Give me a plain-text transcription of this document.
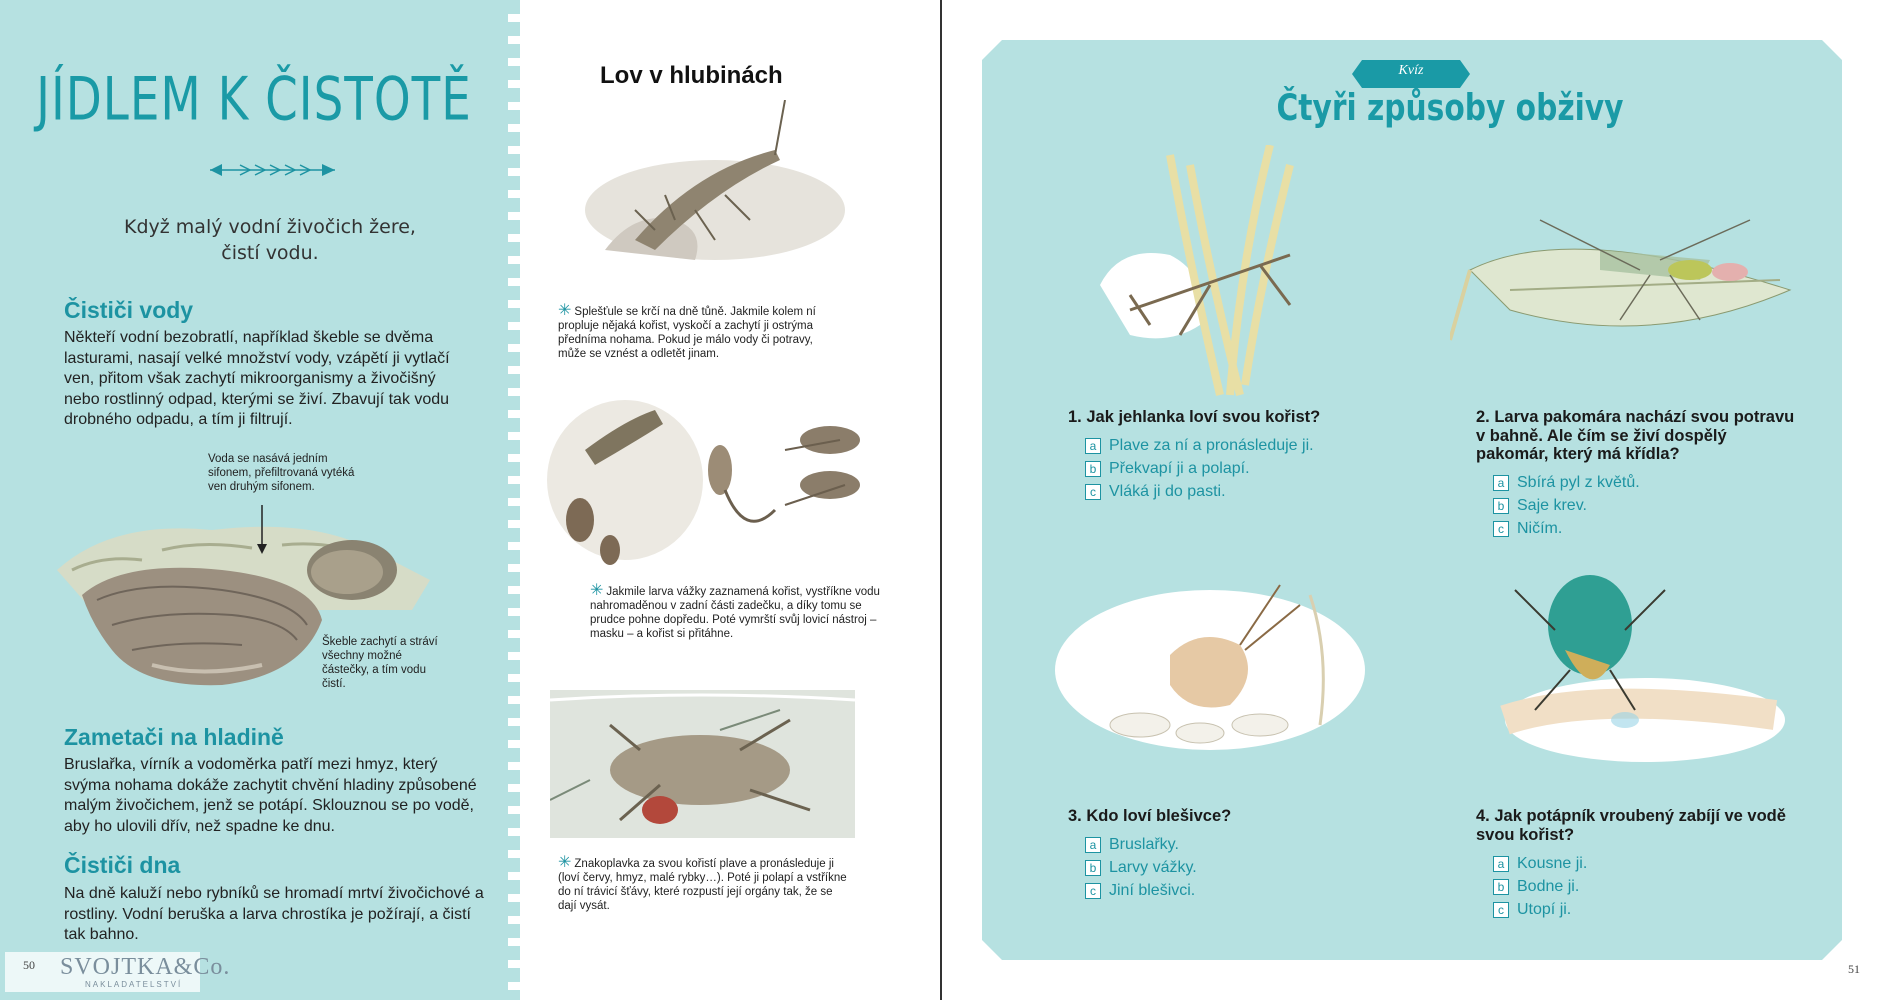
JÍDLEM K ČISTOTĚ
Když malý vodní živočich žere, čistí vodu.
Čističi vody
Někteří vodní bezobratlí, například škeble se dvěma lasturami, nasají velké množství vody, vzápětí ji vytlačí ven, přitom však zachytí mikroorganismy a živočišný nebo rostlinný odpad, kterými se živí. Zbavují tak vodu drobného odpadu, a tím ji filtrují.
Voda se nasává jedním sifonem, přefiltrovaná vytéká ven druhým sifonem.
Škeble zachytí a stráví všechny možné částečky, a tím vodu čistí.
Zametači na hladině
Bruslařka, vírník a vodoměrka patří mezi hmyz, který svýma nohama dokáže zachytit chvění hladiny způsobené malým živočichem, jenž se potápí. Sklouznou se po vodě, aby ho ulovili dřív, než spadne ke dnu.
Čističi dna
Na dně kaluží nebo rybníků se hromadí mrtví živočichové a rostliny. Vodní beruška a larva chrostíka je požírají, a čistí tak bahno.
50 SVOJTKA&Co.
NAKLADATELSTVÍ
Lov v hlubinách
✳ Splešťule se krčí na dně tůně. Jakmile kolem ní propluje nějaká kořist, vyskočí a zachytí ji ostrýma předníma nohama. Pokud je málo vody či potravy, může se vznést a odletět jinam.
✳ Jakmile larva vážky zaznamená kořist, vystříkne vodu nahromaděnou v zadní části zadečku, a díky tomu se prudce pohne dopředu. Poté vymrští svůj lovicí nástroj – masku – a kořist si přitáhne.
✳ Znakoplavka za svou kořistí plave a pronásleduje ji (loví červy, hmyz, malé rybky…). Poté ji polapí a vstříkne do ní trávicí šťávy, které rozpustí její orgány tak, že se dají vysát.
Kvíz
Čtyři způsoby obživy
1. Jak jehlanka loví svou kořist?
a Plave za ní a pronásleduje ji.
b Překvapí ji a polapí.
c Vláká ji do pasti.
2. Larva pakomára nachází svou potravu v bahně. Ale čím se živí dospělý pakomár, který má křídla?
a Sbírá pyl z květů.
b Saje krev.
c Ničím.
3. Kdo loví blešivce?
a Bruslařky.
b Larvy vážky.
c Jiní blešivci.
4. Jak potápník vroubený zabíjí ve vodě svou kořist?
a Kousne ji.
b Bodne ji.
c Utopí ji.
51
